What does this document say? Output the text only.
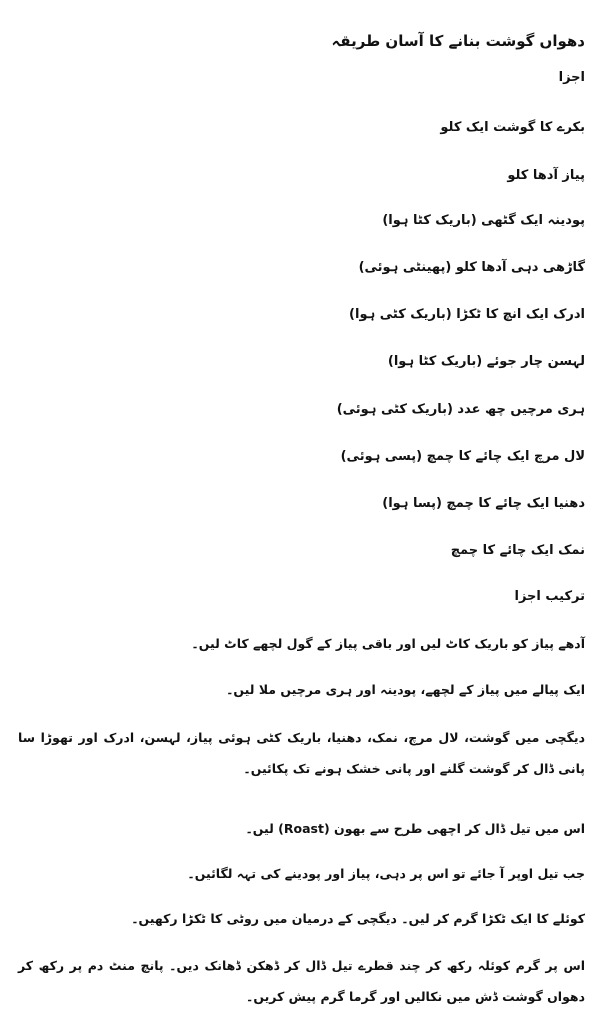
دھواں گوشت بنانے کا آسان طریقہ
اجزا
بکرے کا گوشت ایک کلو
پیاز آدھا کلو
پودینہ ایک گٹھی (باریک کٹا ہوا)
گاڑھی دہی آدھا کلو (پھینٹی ہوئی)
ادرک ایک انچ کا ٹکڑا (باریک کٹی ہوا)
لہسن چار جوئے (باریک کٹا ہوا)
ہری مرچیں چھ عدد (باریک کٹی ہوئی)
لال مرچ ایک چائے کا چمچ (پسی ہوئی)
دھنیا ایک چائے کا چمچ (پسا ہوا)
نمک ایک چائے کا چمچ
ترکیب اجزا
آدھے پیاز کو باریک کاٹ لیں اور باقی پیاز کے گول لچھے کاٹ لیں۔
ایک پیالے میں پیاز کے لچھے، پودینہ اور ہری مرچیں ملا لیں۔
دیگچی میں گوشت، لال مرچ، نمک، دھنیا، باریک کٹی ہوئی پیاز، لہسن، ادرک اور تھوڑا سا پانی ڈال کر گوشت گلنے اور پانی خشک ہونے تک پکائیں۔
اس میں تیل ڈال کر اچھی طرح سے بھون (Roast) لیں۔
جب تیل اوپر آ جائے تو اس پر دہی، پیاز اور پودینے کی تہہ لگائیں۔
کوئلے کا ایک ٹکڑا گرم کر لیں۔ دیگچی کے درمیان میں روٹی کا ٹکڑا رکھیں۔
اس پر گرم کوئلہ رکھ کر چند قطرے تیل ڈال کر ڈھکن ڈھانک دیں۔ پانچ منٹ دم پر رکھ کر دھواں گوشت ڈش میں نکالیں اور گرما گرم پیش کریں۔
